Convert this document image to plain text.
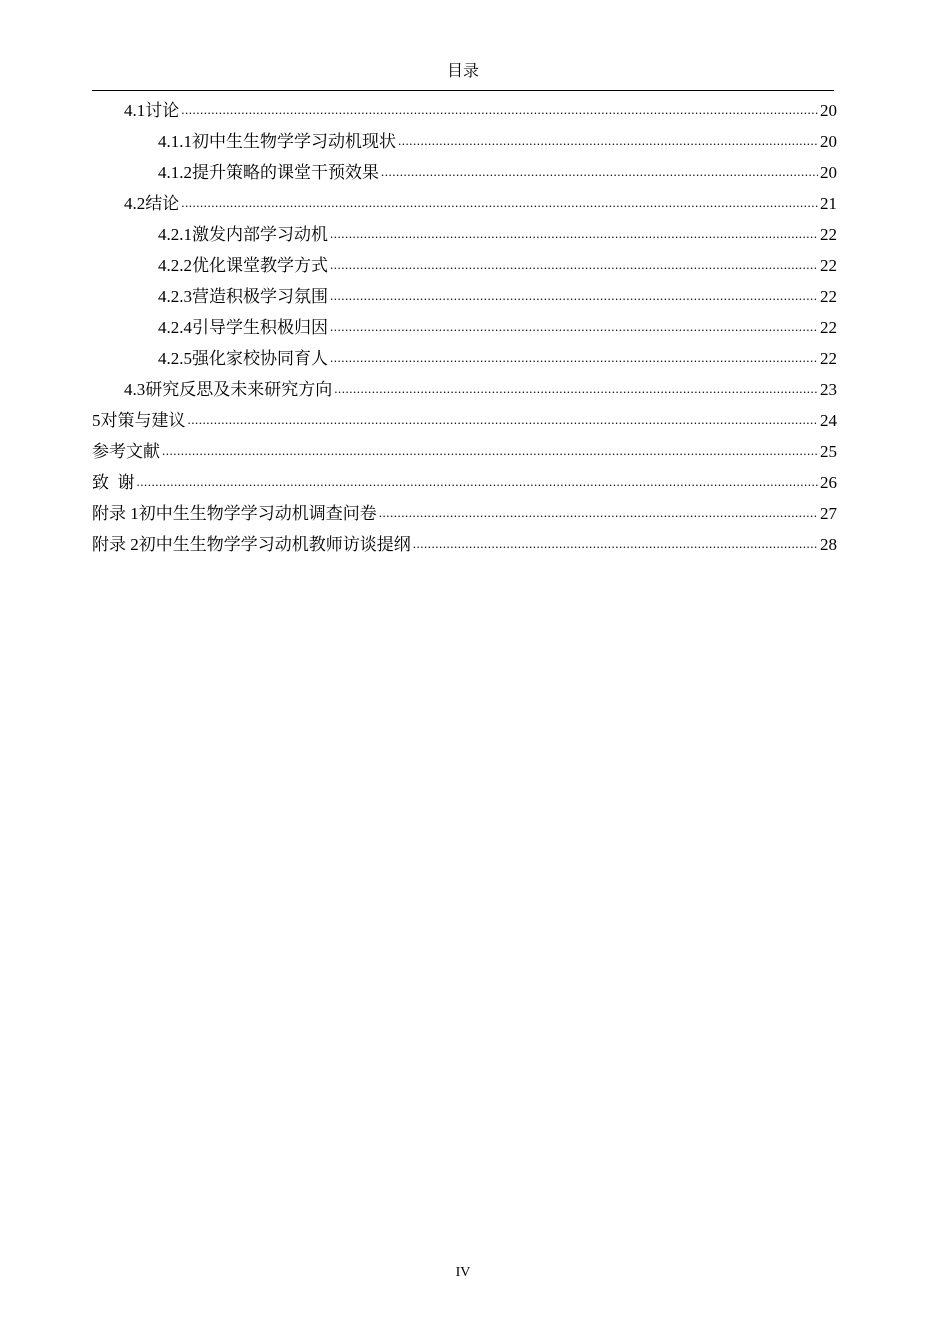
目录
4.1 讨论 .....	20
4.1.1 初中生生物学学习动机现状 .....	20
4.1.2 提升策略的课堂干预效果 .....	20
4.2 结论 .....	21
4.2.1 激发内部学习动机 .....	22
4.2.2 优化课堂教学方式 .....	22
4.2.3 营造积极学习氛围 .....	22
4.2.4 引导学生积极归因 .....	22
4.2.5 强化家校协同育人 .....	22
4.3 研究反思及未来研究方向 .....	23
5 对策与建议 .....	24
参考文献 .....	25
致  谢 .....	26
附录 1 初中生生物学学习动机调查问卷 .....	27
附录 2 初中生生物学学习动机教师访谈提纲 .....	28
IV
